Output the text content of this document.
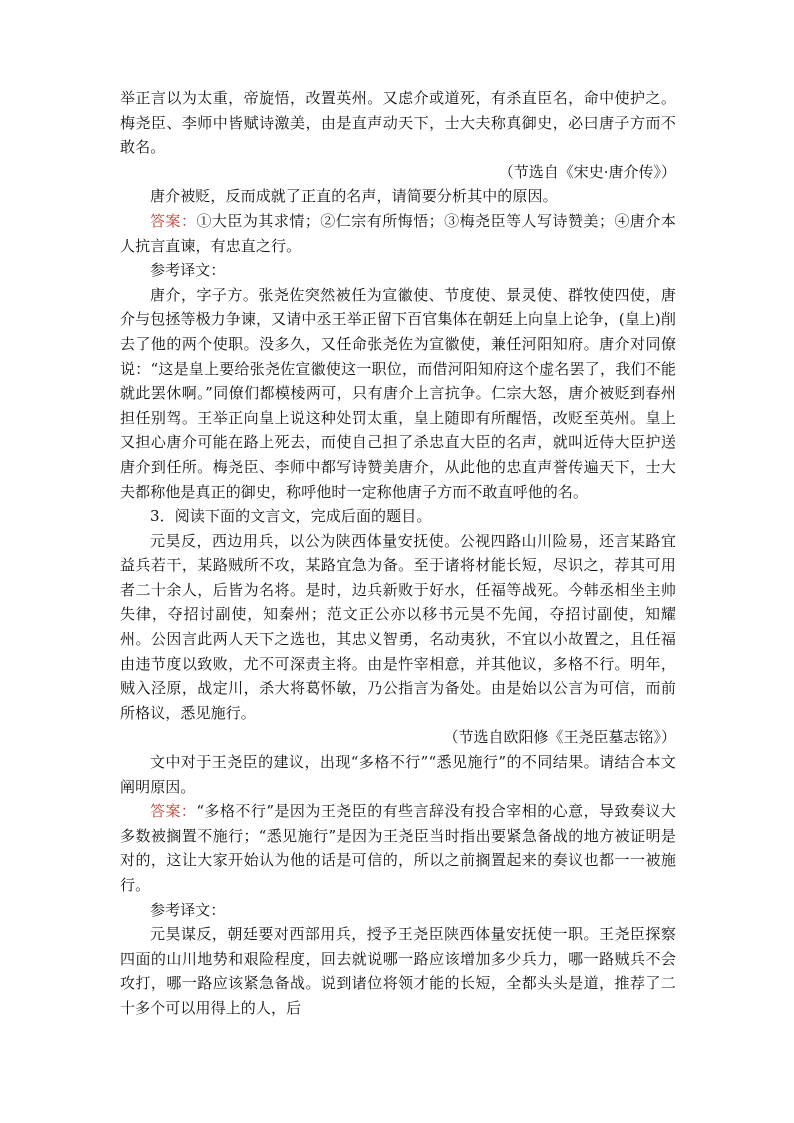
举正言以为太重，帝旋悟，改置英州。又虑介或道死，有杀直臣名，命中使护之。梅尧臣、李师中皆赋诗激美，由是直声动天下，士大夫称真御史，必曰唐子方而不敢名。

（节选自《宋史·唐介传》）

唐介被贬，反而成就了正直的名声，请简要分析其中的原因。

答案：①大臣为其求情；②仁宗有所悔悟；③梅尧臣等人写诗赞美；④唐介本人抗言直谏，有忠直之行。

参考译文：

唐介，字子方。张尧佐突然被任为宣徽使、节度使、景灵使、群牧使四使，唐介与包拯等极力争谏，又请中丞王举正留下百官集体在朝廷上向皇上论争，(皇上)削去了他的两个使职。没多久，又任命张尧佐为宣徽使，兼任河阳知府。唐介对同僚说：“这是皇上要给张尧佐宣徽使这一职位，而借河阳知府这个虚名罢了，我们不能就此罢休啊。”同僚们都模棱两可，只有唐介上言抗争。仁宗大怒，唐介被贬到春州担任别驾。王举正向皇上说这种处罚太重，皇上随即有所醒悟，改贬至英州。皇上又担心唐介可能在路上死去，而使自己担了杀忠直大臣的名声，就叫近侍大臣护送唐介到任所。梅尧臣、李师中都写诗赞美唐介，从此他的忠直声誉传遍天下，士大夫都称他是真正的御史，称呼他时一定称他唐子方而不敢直呼他的名。

3．阅读下面的文言文，完成后面的题目。

元昊反，西边用兵，以公为陕西体量安抚使。公视四路山川险易，还言某路宜益兵若干，某路贼所不攻，某路宜急为备。至于诸将材能长短，尽识之，荐其可用者二十余人，后皆为名将。是时，边兵新败于好水，任福等战死。今韩丞相坐主帅失律，夺招讨副使，知秦州；范文正公亦以移书元昊不先闻，夺招讨副使，知耀州。公因言此两人天下之选也，其忠义智勇，名动夷狄，不宜以小故置之，且任福由违节度以致败，尤不可深责主将。由是忤宰相意，并其他议，多格不行。明年，贼入泾原，战定川，杀大将葛怀敏，乃公指言为备处。由是始以公言为可信，而前所格议，悉见施行。

（节选自欧阳修《王尧臣墓志铭》）

文中对于王尧臣的建议，出现“多格不行”“悉见施行”的不同结果。请结合本文阐明原因。

答案：“多格不行”是因为王尧臣的有些言辞没有投合宰相的心意，导致奏议大多数被搁置不施行；“悉见施行”是因为王尧臣当时指出要紧急备战的地方被证明是对的，这让大家开始认为他的话是可信的，所以之前搁置起来的奏议也都一一被施行。

参考译文：

元昊谋反，朝廷要对西部用兵，授予王尧臣陕西体量安抚使一职。王尧臣探察四面的山川地势和艰险程度，回去就说哪一路应该增加多少兵力，哪一路贼兵不会攻打，哪一路应该紧急备战。说到诸位将领才能的长短，全都头头是道，推荐了二十多个可以用得上的人，后
